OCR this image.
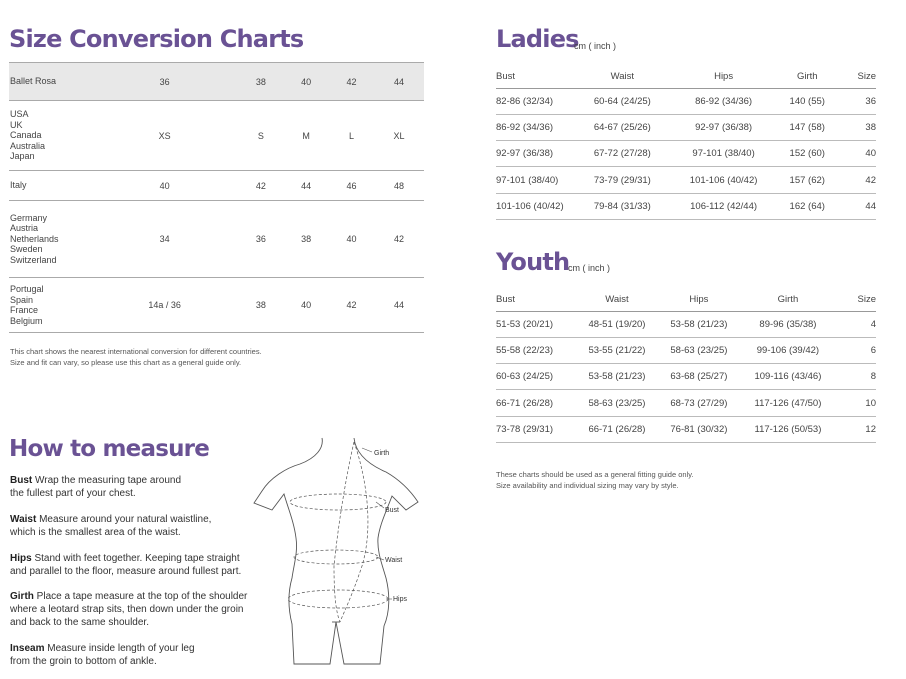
Size Conversion Charts
Ballet Rosa	36	38	40	42	44

USA
UK
Canada
Australia
Japan	XS	S	M	L	XL

Italy	40	42	44	46	48

Germany
Austria
Netherlands
Sweden
Switzerland	34	36	38	40	42

Portugal
Spain
France
Belgium	14a / 36	38	40	42	44
This chart shows the nearest international conversion for different countries.
Size and fit can vary, so please use this chart as a general guide only.
How to measure
Bust Wrap the measuring tape around
the fullest part of your chest.
Waist Measure around your natural waistline,
which is the smallest area of the waist.
Hips Stand with feet together. Keeping tape straight
and parallel to the floor, measure around fullest part.
Girth Place a tape measure at the top of the shoulder
where a leotard strap sits, then down under the groin
and back to the same shoulder.
Inseam Measure inside length of your leg
from the groin to bottom of ankle.
Girth
Bust
Waist
Hips
Ladies
cm ( inch )
Bust	Waist	Hips	Girth	Size
82-86 (32/34)	60-64 (24/25)	86-92 (34/36)	140 (55)	36
86-92 (34/36)	64-67 (25/26)	92-97 (36/38)	147 (58)	38
92-97 (36/38)	67-72 (27/28)	97-101 (38/40)	152 (60)	40
97-101 (38/40)	73-79 (29/31)	101-106 (40/42)	157 (62)	42
101-106 (40/42)	79-84 (31/33)	106-112 (42/44)	162 (64)	44
Youth
cm ( inch )
Bust	Waist	Hips	Girth	Size
51-53 (20/21)	48-51 (19/20)	53-58 (21/23)	89-96 (35/38)	4
55-58 (22/23)	53-55 (21/22)	58-63 (23/25)	99-106 (39/42)	6
60-63 (24/25)	53-58 (21/23)	63-68 (25/27)	109-116 (43/46)	8
66-71 (26/28)	58-63 (23/25)	68-73 (27/29)	117-126 (47/50)	10
73-78 (29/31)	66-71 (26/28)	76-81 (30/32)	117-126 (50/53)	12
These charts should be used as a general fitting guide only.
Size availability and individual sizing may vary by style.
